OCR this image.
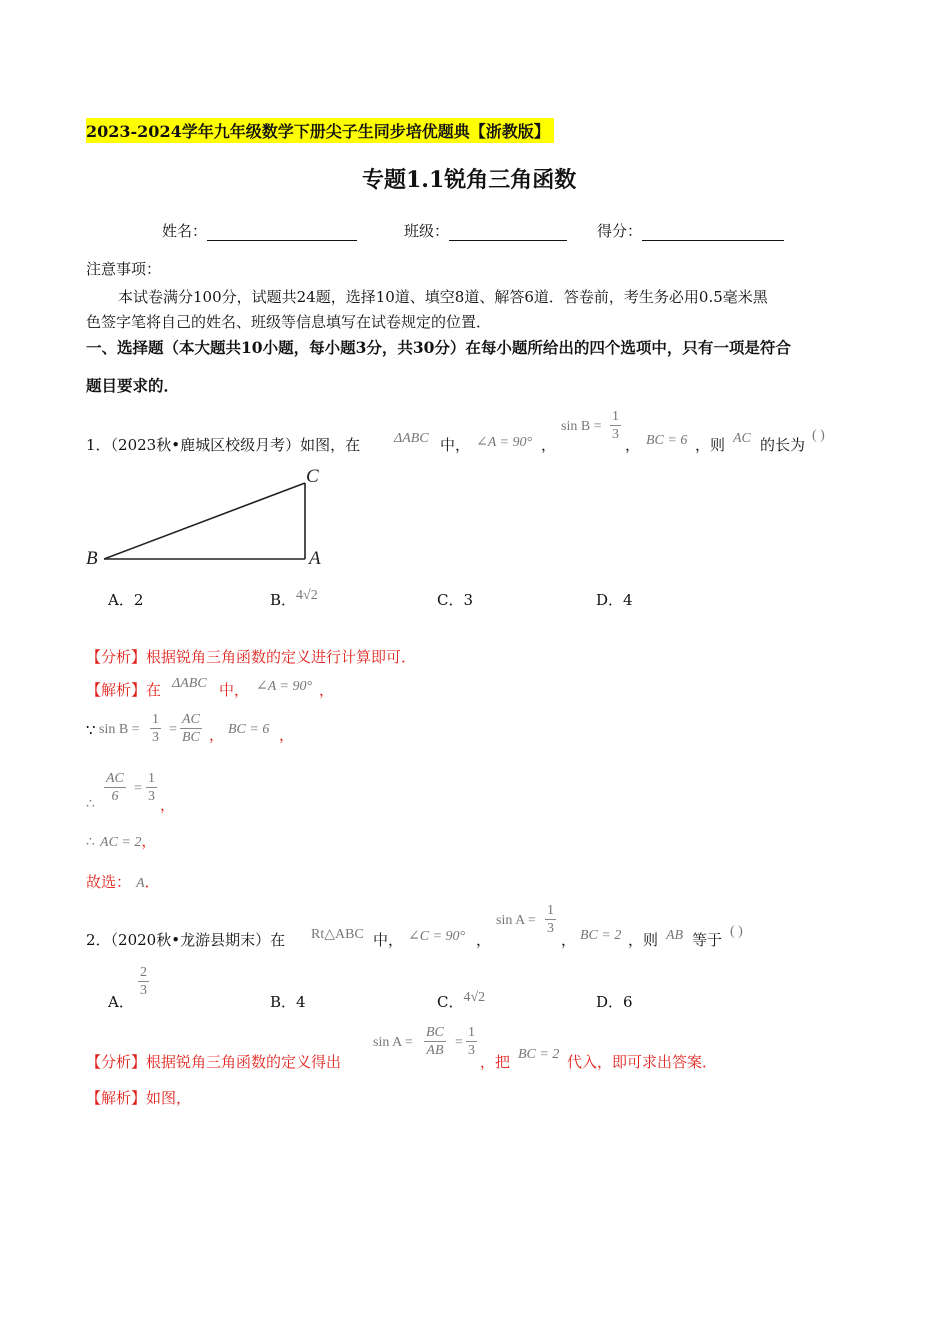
2023-2024学年九年级数学下册尖子生同步培优题典【浙教版】
专题1.1锐角三角函数
姓名：	班级：	得分：
注意事项：
本试卷满分100分，试题共24题，选择10道、填空8道、解答6道．答卷前，考生务必用0.5毫米黑
色签字笔将自己的姓名、班级等信息填写在试卷规定的位置．
一、选择题（本大题共10小题，每小题3分，共30分）在每小题所给出的四个选项中，只有一项是符合
题目要求的．
1．（2023秋•鹿城区校级月考）如图，在 ΔABC 中， ∠A = 90° ，
$\sin B = \frac{1}{3}$
， BC = 6 ，则 AC 的长为
( )
C
B	A
A．2	B．4√2	C．3	D．4
【分析】根据锐角三角函数的定义进行计算即可．
【解析】在 ΔABC 中， ∠A = 90° ，
∵ $\sin B = \frac{1}{3} = \frac{AC}{BC}$ ， BC = 6 ，
∴ $\frac{AC}{6} = \frac{1}{3}$ ，
∴ AC = 2，
故选： A．
2．（2020秋•龙游县期末）在 Rt△ABC 中， ∠C = 90° ，
$\sin A = \frac{1}{3}$
， BC = 2 ，则 AB 等于 ( )
A．
$\frac{2}{3}$
B．4	C．4√2	D．6
【分析】根据锐角三角函数的定义得出
$\sin A = \frac{BC}{AB} = \frac{1}{3}$
，把 BC = 2 代入，即可求出答案．
【解析】如图，
